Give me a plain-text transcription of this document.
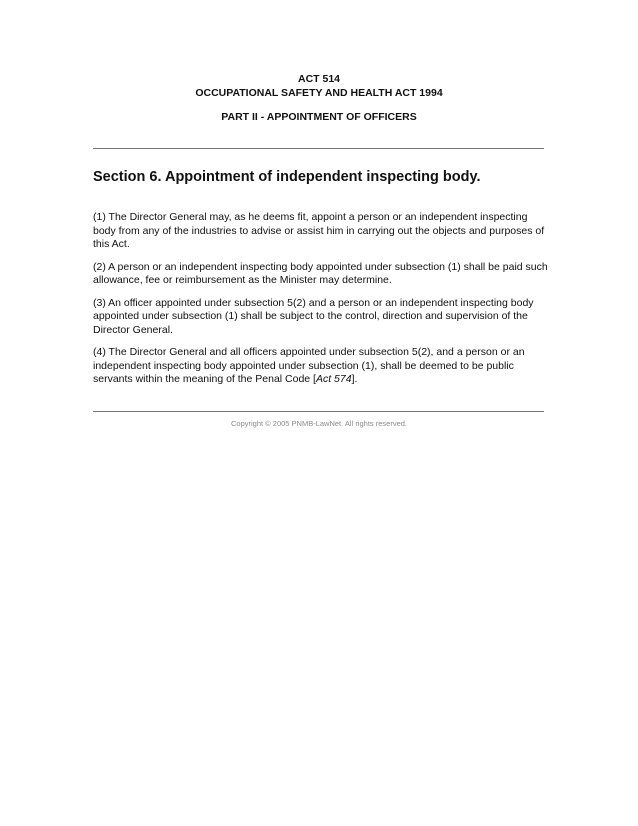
ACT 514
OCCUPATIONAL SAFETY AND HEALTH ACT 1994
PART II - APPOINTMENT OF OFFICERS
Section 6. Appointment of independent inspecting body.

(1) The Director General may, as he deems fit, appoint a person or an independent inspecting body from any of the industries to advise or assist him in carrying out the objects and purposes of this Act.

(2) A person or an independent inspecting body appointed under subsection (1) shall be paid such allowance, fee or reimbursement as the Minister may determine.

(3) An officer appointed under subsection 5(2) and a person or an independent inspecting body appointed under subsection (1) shall be subject to the control, direction and supervision of the Director General.

(4) The Director General and all officers appointed under subsection 5(2), and a person or an independent inspecting body appointed under subsection (1), shall be deemed to be public servants within the meaning of the Penal Code [Act 574].

Copyright © 2005 PNMB-LawNet. All rights reserved.
